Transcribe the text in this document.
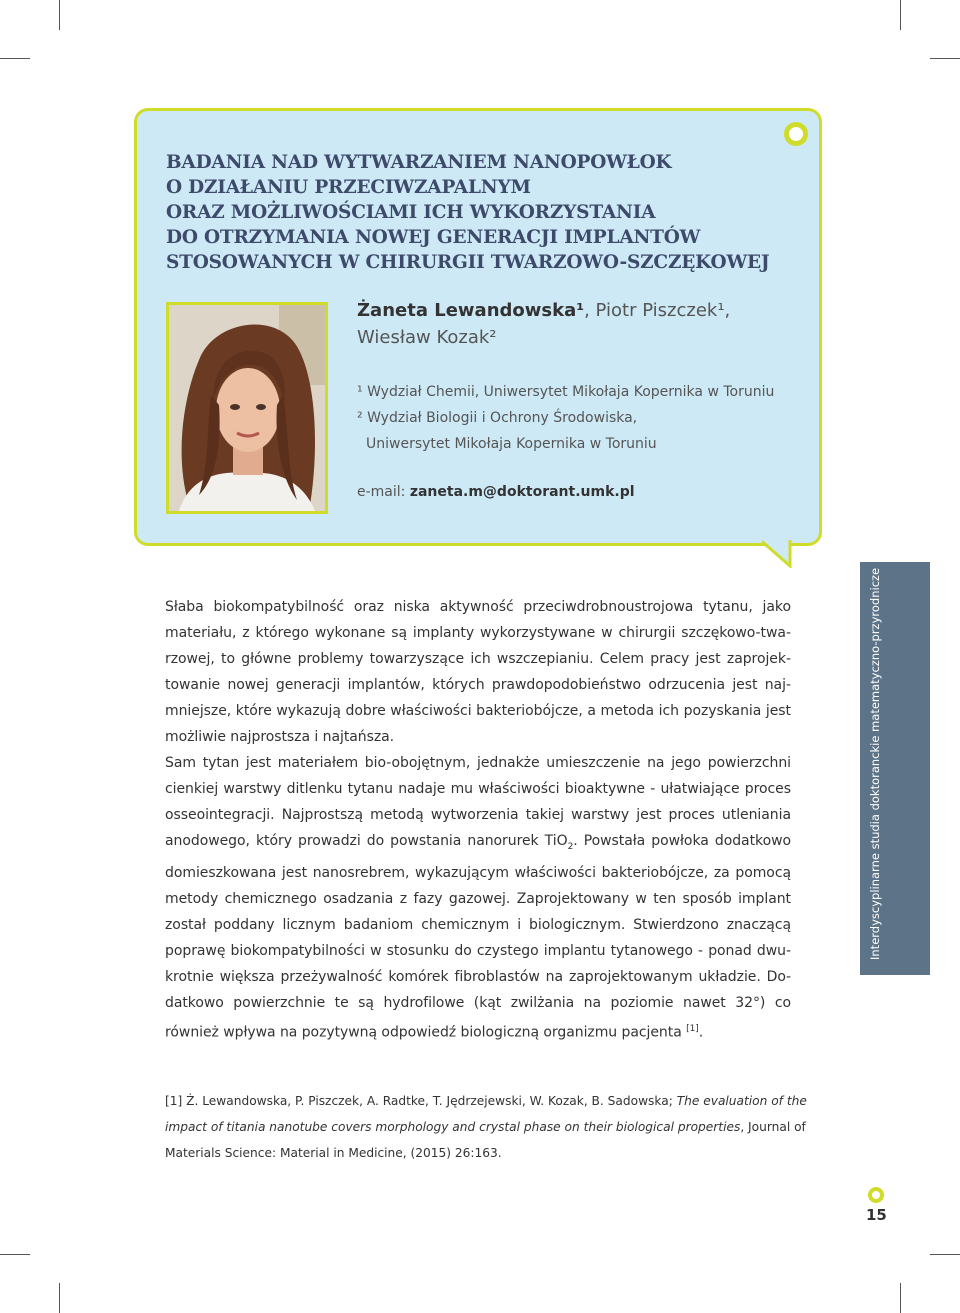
BADANIA NAD WYTWARZANIEM NANOPOWŁOK
O DZIAŁANIU PRZECIWZAPALNYM
ORAZ MOŻLIWOŚCIAMI ICH WYKORZYSTANIA
DO OTRZYMANIA NOWEJ GENERACJI IMPLANTÓW
STOSOWANYCH W CHIRURGII TWARZOWO-SZCZĘKOWEJ
Żaneta Lewandowska¹, Piotr Piszczek¹,
Wiesław Kozak²
¹ Wydział Chemii, Uniwersytet Mikołaja Kopernika w Toruniu
² Wydział Biologii i Ochrony Środowiska,
Uniwersytet Mikołaja Kopernika w Toruniu
e-mail: zaneta.m@doktorant.umk.pl

Słaba biokompatybilność oraz niska aktywność przeciwdrobnoustrojowa tytanu, jako materiału, z którego wykonane są implanty wykorzystywane w chirurgii szczękowo-twarzowej, to główne problemy towarzyszące ich wszczepianiu. Celem pracy jest zaprojektowanie nowej generacji implantów, których prawdopodobieństwo odrzucenia jest najmniejsze, które wykazują dobre właściwości bakteriobójcze, a metoda ich pozyskania jest możliwie najprostsza i najtańsza.

Sam tytan jest materiałem bio-obojętnym, jednakże umieszczenie na jego powierzchni cienkiej warstwy ditlenku tytanu nadaje mu właściwości bioaktywne - ułatwiające proces osseointegracji. Najprostszą metodą wytworzenia takiej warstwy jest proces utleniania anodowego, który prowadzi do powstania nanorurek TiO$_2$. Powstała powłoka dodatkowo domieszkowana jest nanosrebrem, wykazującym właściwości bakteriobójcze, za pomocą metody chemicznego osadzania z fazy gazowej. Zaprojektowany w ten sposób implant został poddany licznym badaniom chemicznym i biologicznym. Stwierdzono znaczącą poprawę biokompatybilności w stosunku do czystego implantu tytanowego - ponad dwukrotnie większa przeżywalność komórek fibroblastów na zaprojektowanym układzie. Dodatkowo powierzchnie te są hydrofilowe (kąt zwilżania na poziomie nawet 32°) co również wpływa na pozytywną odpowiedź biologiczną organizmu pacjenta [1].

Interdyscyplinarne studia doktoranckie matematyczno-przyrodnicze
[1] Ż. Lewandowska, P. Piszczek, A. Radtke, T. Jędrzejewski, W. Kozak, B. Sadowska; The evaluation of the
impact of titania nanotube covers morphology and crystal phase on their biological properties, Journal of
Materials Science: Material in Medicine, (2015) 26:163.
15
